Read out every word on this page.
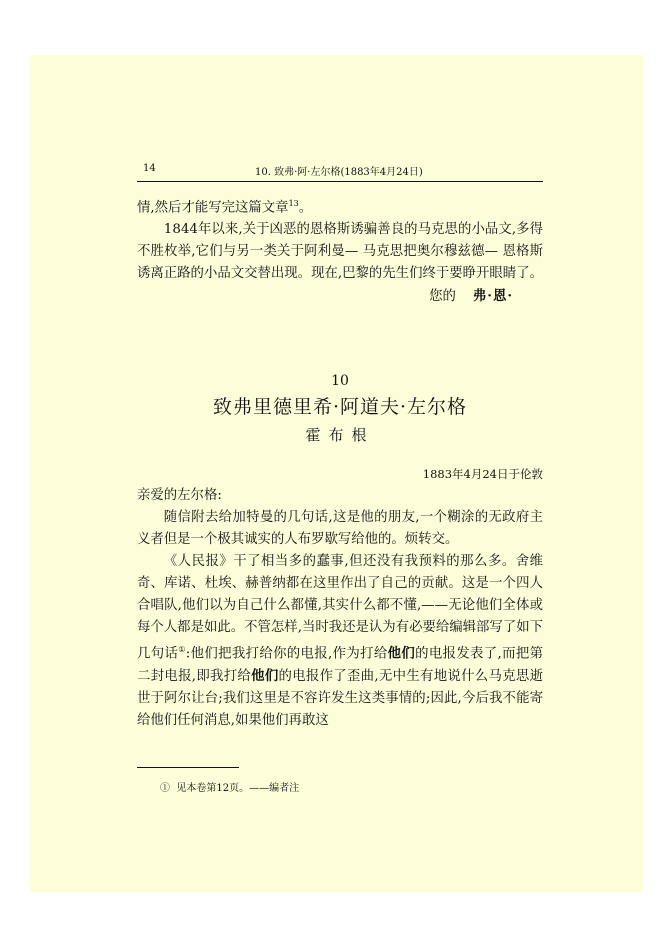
14	10. 致弗·阿·左尔格(1883年4月24日)

情,然后才能写完这篇文章$^{13}$。

1844年以来,关于凶恶的恩格斯诱骗善良的马克思的小品文,多得不胜枚举,它们与另一类关于阿利曼— 马克思把奥尔穆兹德— 恩格斯诱离正路的小品文交替出现。现在,巴黎的先生们终于要睁开眼睛了。

您的 弗·恩·

10
致弗里德里希·阿道夫·左尔格
霍布根
1883年4月24日于伦敦

亲爱的左尔格:

随信附去给加特曼的几句话,这是他的朋友,一个糊涂的无政府主义者但是一个极其诚实的人布罗歇写给他的。烦转交。

《人民报》干了相当多的蠢事,但还没有我预料的那么多。舍维奇、库诺、杜埃、赫普纳都在这里作出了自己的贡献。这是一个四人合唱队,他们以为自己什么都懂,其实什么都不懂,——无论他们全体或每个人都是如此。不管怎样,当时我还是认为有必要给编辑部写了如下几句话①:他们把我打给你的电报,作为打给他们的电报发表了,而把第二封电报,即我打给他们的电报作了歪曲,无中生有地说什么马克思逝世于阿尔让台;我们这里是不容许发生这类事情的;因此,今后我不能寄给他们任何消息,如果他们再敢这

① 见本卷第12页。——编者注
